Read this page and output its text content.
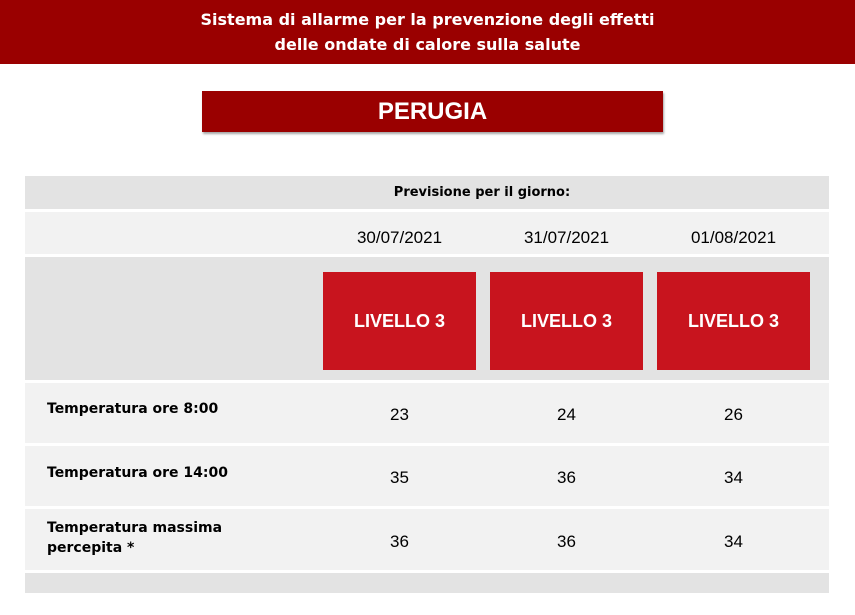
Sistema di allarme per la prevenzione degli effetti
delle ondate di calore sulla salute
PERUGIA
Previsione per il giorno:
30/07/2021	31/07/2021	01/08/2021
LIVELLO 3	LIVELLO 3	LIVELLO 3
Temperatura ore 8:00	23	24	26
Temperatura ore 14:00	35	36	34
Temperatura massima
percepita *	36	36	34
